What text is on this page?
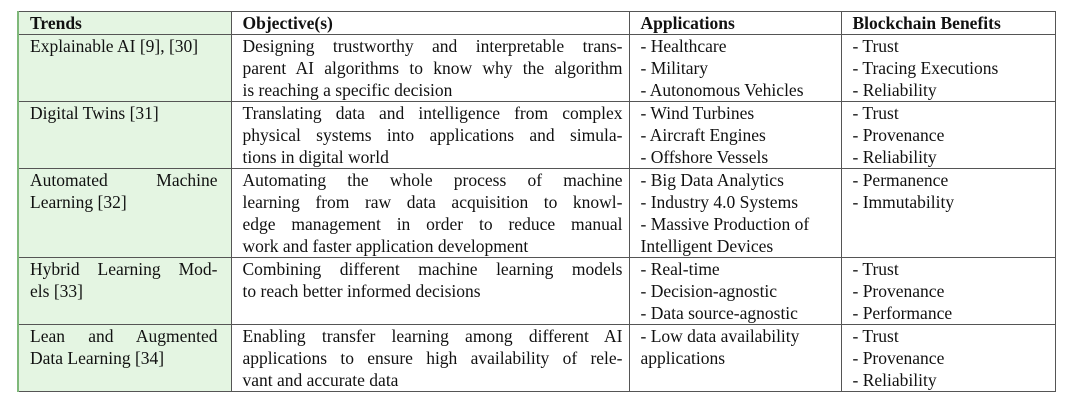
Trends	Objective(s)	Applications	Blockchain Benefits

Explainable AI [9], [30]	Designing trustworthy and interpretable trans-
parent AI algorithms to know why the algorithm
is reaching a specific decision	- Healthcare
- Military
- Autonomous Vehicles	- Trust
- Tracing Executions
- Reliability

Digital Twins [31]	Translating data and intelligence from complex
physical systems into applications and simula-
tions in digital world	- Wind Turbines
- Aircraft Engines
- Offshore Vessels	- Trust
- Provenance
- Reliability

Automated Machine
Learning [32]	Automating the whole process of machine
learning from raw data acquisition to knowl-
edge management in order to reduce manual
work and faster application development	- Big Data Analytics
- Industry 4.0 Systems
- Massive Production of
Intelligent Devices	- Permanence
- Immutability

Hybrid Learning Mod-
els [33]	Combining different machine learning models
to reach better informed decisions	- Real-time
- Decision-agnostic
- Data source-agnostic	- Trust
- Provenance
- Performance

Lean and Augmented
Data Learning [34]	Enabling transfer learning among different AI
applications to ensure high availability of rele-
vant and accurate data	- Low data availability
applications	- Trust
- Provenance
- Reliability
